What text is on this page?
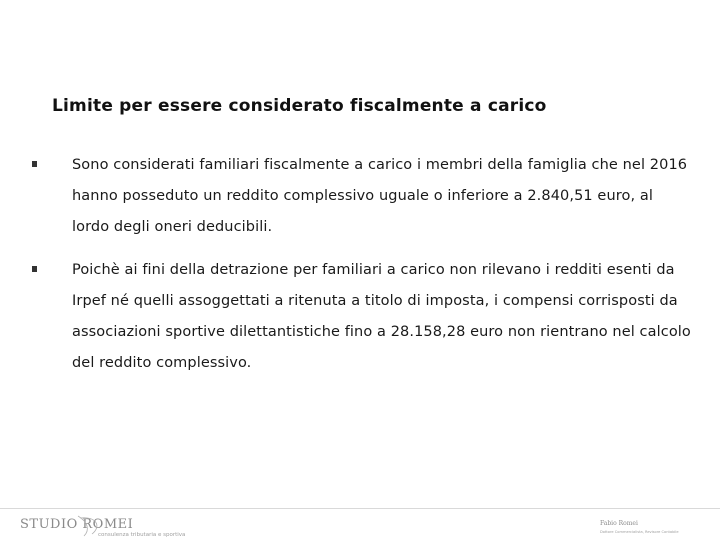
Limite per essere considerato fiscalmente a carico
Sono considerati familiari fiscalmente a carico i membri della famiglia che nel 2016 hanno posseduto un reddito complessivo uguale o inferiore a 2.840,51 euro, al lordo degli oneri deducibili.
Poichè ai fini della detrazione per familiari a carico non rilevano i redditi esenti da Irpef né quelli assoggettati a ritenuta a titolo di imposta, i compensi corrisposti da associazioni sportive dilettantistiche fino a 28.158,28 euro non rientrano nel calcolo del reddito complessivo.
STUDIO ROMEI
consulenza tributaria e sportiva
Fabio Romei
Dottore Commercialista, Revisore Contabile
